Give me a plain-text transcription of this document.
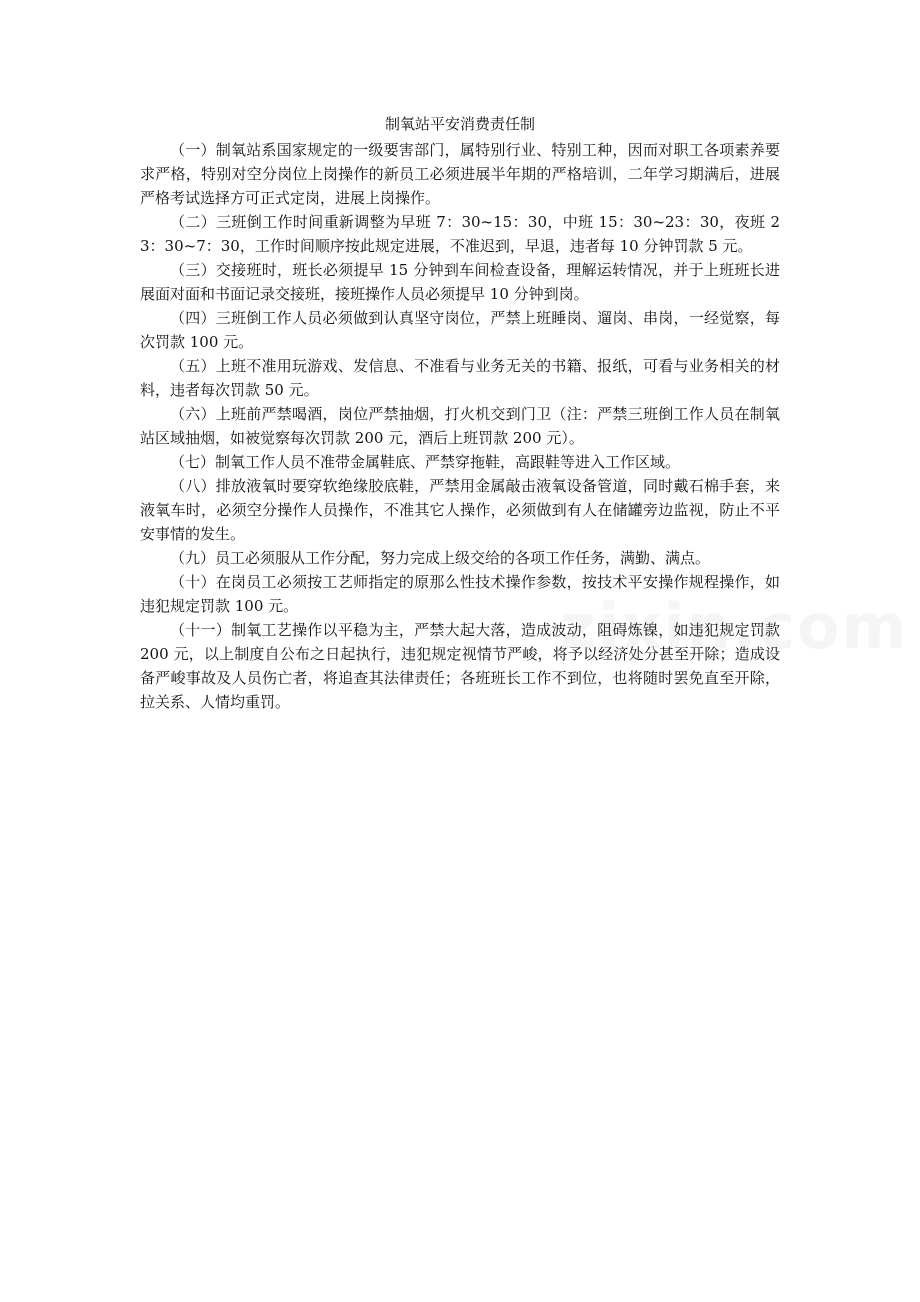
制氧站平安消费责任制

（一）制氧站系国家规定的一级要害部门，属特别行业、特别工种，因而对职工各项素养要求严格，特别对空分岗位上岗操作的新员工必须进展半年期的严格培训，二年学习期满后，进展严格考试选择方可正式定岗，进展上岗操作。

（二）三班倒工作时间重新调整为早班 7：30~15：30，中班 15：30~23：30，夜班 23：30~7：30，工作时间顺序按此规定进展，不准迟到，早退，违者每 10 分钟罚款 5 元。

（三）交接班时，班长必须提早 15 分钟到车间检查设备，理解运转情况，并于上班班长进展面对面和书面记录交接班，接班操作人员必须提早 10 分钟到岗。

（四）三班倒工作人员必须做到认真坚守岗位，严禁上班睡岗、遛岗、串岗，一经觉察，每次罚款 100 元。

（五）上班不准用玩游戏、发信息、不准看与业务无关的书籍、报纸，可看与业务相关的材料，违者每次罚款 50 元。

（六）上班前严禁喝酒，岗位严禁抽烟，打火机交到门卫（注：严禁三班倒工作人员在制氧站区域抽烟，如被觉察每次罚款 200 元，酒后上班罚款 200 元）。

（七）制氧工作人员不准带金属鞋底、严禁穿拖鞋，高跟鞋等进入工作区域。

（八）排放液氧时要穿软绝缘胶底鞋，严禁用金属敲击液氧设备管道，同时戴石棉手套，来液氧车时，必须空分操作人员操作，不准其它人操作，必须做到有人在储罐旁边监视，防止不平安事情的发生。

（九）员工必须服从工作分配，努力完成上级交给的各项工作任务，满勤、满点。

（十）在岗员工必须按工艺师指定的原那么性技术操作参数，按技术平安操作规程操作，如违犯规定罚款 100 元。

（十一）制氧工艺操作以平稳为主，严禁大起大落，造成波动，阻碍炼镍，如违犯规定罚款 200 元，以上制度自公布之日起执行，违犯规定视情节严峻，将予以经济处分甚至开除；造成设备严峻事故及人员伤亡者，将追查其法律责任；各班班长工作不到位，也将随时罢免直至开除，拉关系、人情均重罚。
